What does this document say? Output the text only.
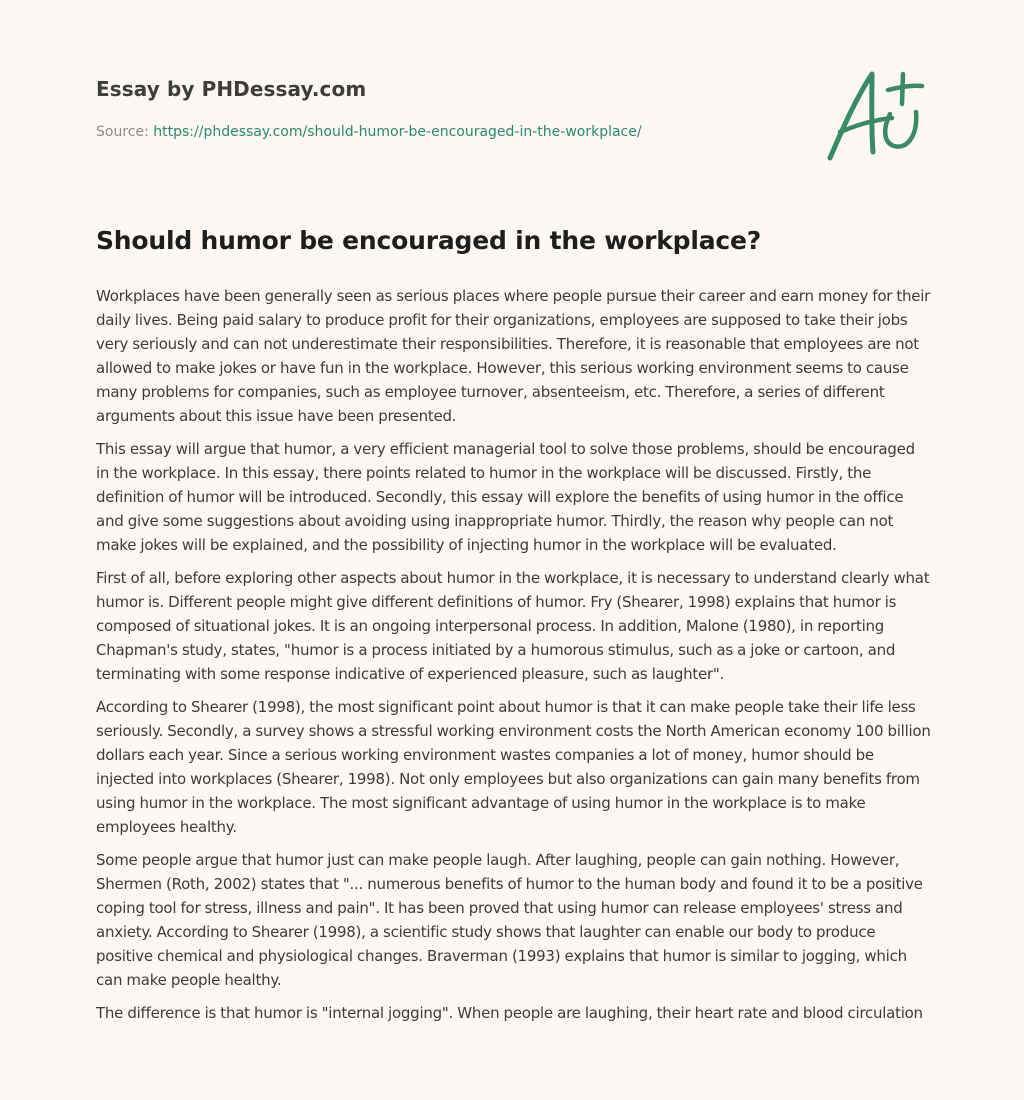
Essay by PHDessay.com
Source: https://phdessay.com/should-humor-be-encouraged-in-the-workplace/
Should humor be encouraged in the workplace?

Workplaces have been generally seen as serious places where people pursue their career and earn money for their daily lives. Being paid salary to produce profit for their organizations, employees are supposed to take their jobs very seriously and can not underestimate their responsibilities. Therefore, it is reasonable that employees are not allowed to make jokes or have fun in the workplace. However, this serious working environment seems to cause many problems for companies, such as employee turnover, absenteeism, etc. Therefore, a series of different arguments about this issue have been presented.

This essay will argue that humor, a very efficient managerial tool to solve those problems, should be encouraged in the workplace. In this essay, there points related to humor in the workplace will be discussed. Firstly, the definition of humor will be introduced. Secondly, this essay will explore the benefits of using humor in the office and give some suggestions about avoiding using inappropriate humor. Thirdly, the reason why people can not make jokes will be explained, and the possibility of injecting humor in the workplace will be evaluated.

First of all, before exploring other aspects about humor in the workplace, it is necessary to understand clearly what humor is. Different people might give different definitions of humor. Fry (Shearer, 1998) explains that humor is composed of situational jokes. It is an ongoing interpersonal process. In addition, Malone (1980), in reporting Chapman's study, states, "humor is a process initiated by a humorous stimulus, such as a joke or cartoon, and terminating with some response indicative of experienced pleasure, such as laughter".

According to Shearer (1998), the most significant point about humor is that it can make people take their life less seriously. Secondly, a survey shows a stressful working environment costs the North American economy 100 billion dollars each year. Since a serious working environment wastes companies a lot of money, humor should be injected into workplaces (Shearer, 1998). Not only employees but also organizations can gain many benefits from using humor in the workplace. The most significant advantage of using humor in the workplace is to make employees healthy.

Some people argue that humor just can make people laugh. After laughing, people can gain nothing. However, Shermen (Roth, 2002) states that "... numerous benefits of humor to the human body and found it to be a positive coping tool for stress, illness and pain". It has been proved that using humor can release employees' stress and anxiety. According to Shearer (1998), a scientific study shows that laughter can enable our body to produce positive chemical and physiological changes. Braverman (1993) explains that humor is similar to jogging, which can make people healthy.

The difference is that humor is "internal jogging". When people are laughing, their heart rate and blood circulation
